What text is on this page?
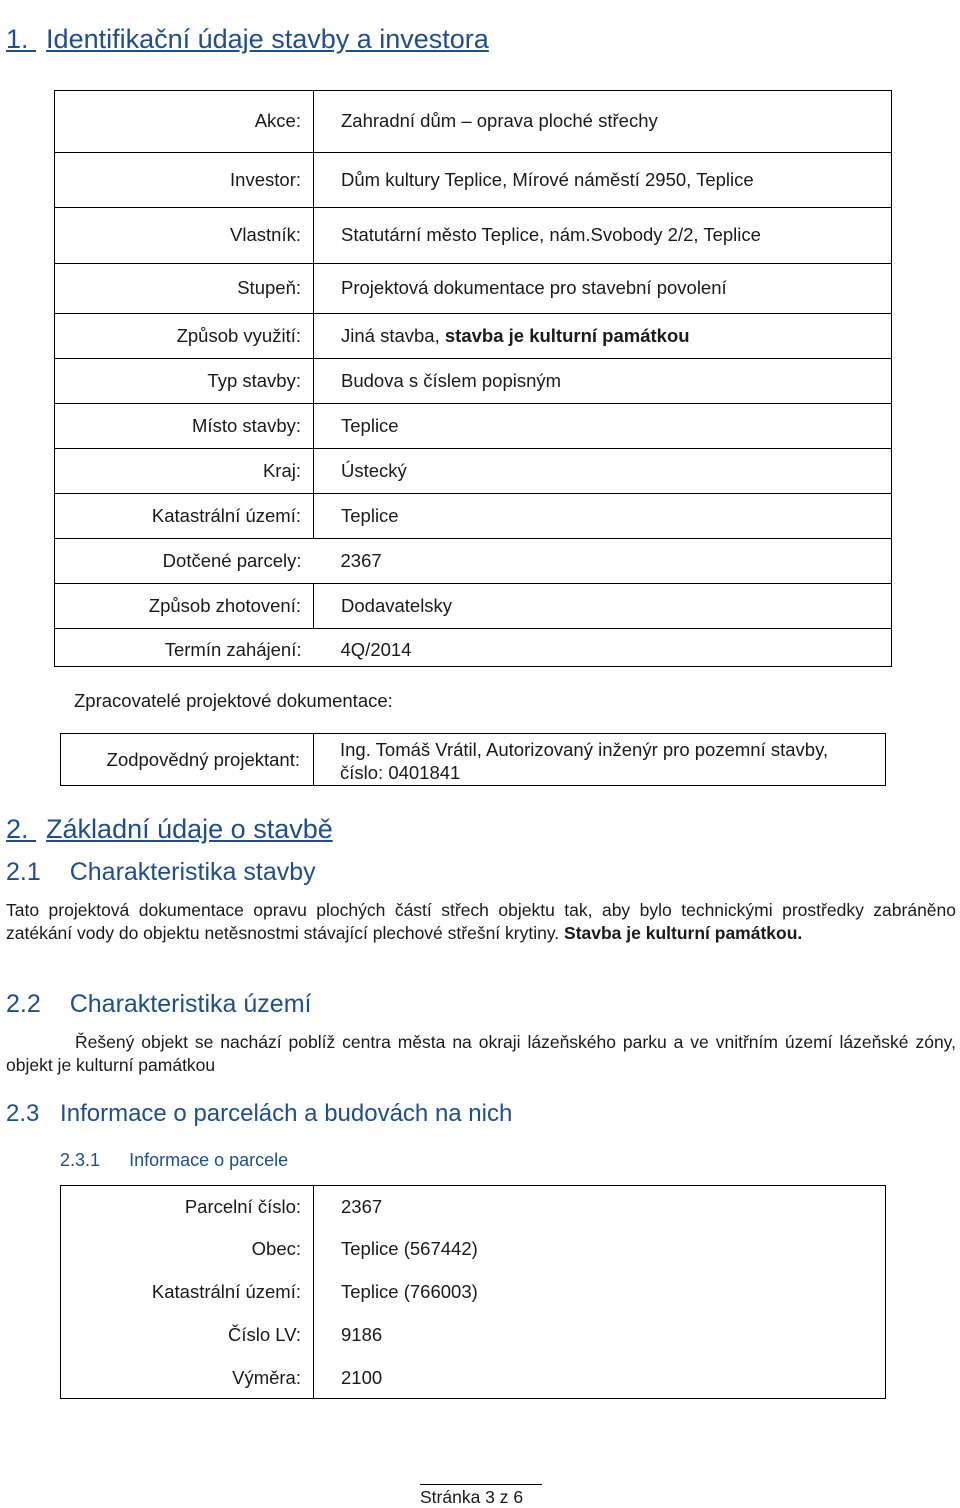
1. Identifikační údaje stavby a investora
Akce:	Zahradní dům – oprava ploché střechy
Investor:	Dům kultury Teplice, Mírové náměstí 2950, Teplice
Vlastník:	Statutární město Teplice, nám.Svobody 2/2, Teplice
Stupeň:	Projektová dokumentace pro stavební povolení
Způsob využití:	Jiná stavba, stavba je kulturní památkou
Typ stavby:	Budova s číslem popisným
Místo stavby:	Teplice
Kraj:	Ústecký
Katastrální území:	Teplice
Dotčené parcely:	2367
Způsob zhotovení:	Dodavatelsky
Termín zahájení:	4Q/2014
Zpracovatelé projektové dokumentace:
Zodpovědný projektant: Ing. Tomáš Vrátil, Autorizovaný inženýr pro pozemní stavby,
číslo: 0401841
2. Základní údaje o stavbě
2.1 Charakteristika stavby
Tato projektová dokumentace opravu plochých částí střech objektu tak, aby bylo technickými prostředky zabráněno zatékání vody do objektu netěsnostmi stávající plechové střešní krytiny. Stavba je kulturní památkou.
2.2 Charakteristika území
Řešený objekt se nachází poblíž centra města na okraji lázeňského parku a ve vnitřním území lázeňské zóny, objekt je kulturní památkou
2.3 Informace o parcelách a budovách na nich
2.3.1 Informace o parcele
Parcelní číslo:	2367
Obec:	Teplice (567442)
Katastrální území:	Teplice (766003)
Číslo LV:	9186
Výměra:	2100
Stránka 3 z 6
